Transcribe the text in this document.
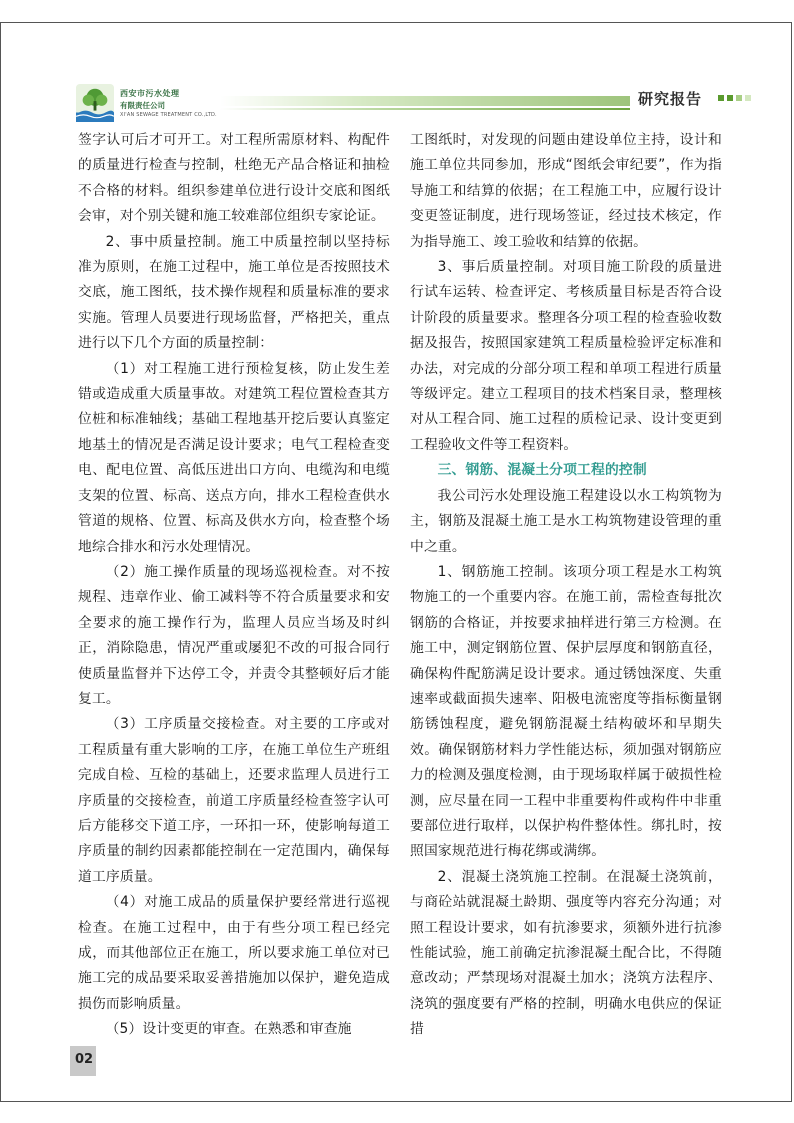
西安市污水处理
有限责任公司
XI'AN SEWAGE TREATMENT CO.,LTD.
研究报告

签字认可后才可开工。对工程所需原材料、构配件的质量进行检查与控制，杜绝无产品合格证和抽检不合格的材料。组织参建单位进行设计交底和图纸会审，对个别关键和施工较难部位组织专家论证。

2、事中质量控制。施工中质量控制以坚持标准为原则，在施工过程中，施工单位是否按照技术交底，施工图纸，技术操作规程和质量标准的要求实施。管理人员要进行现场监督，严格把关，重点进行以下几个方面的质量控制：

（1）对工程施工进行预检复核，防止发生差错或造成重大质量事故。对建筑工程位置检查其方位桩和标准轴线；基础工程地基开挖后要认真鉴定地基土的情况是否满足设计要求；电气工程检查变电、配电位置、高低压进出口方向、电缆沟和电缆支架的位置、标高、送点方向，排水工程检查供水管道的规格、位置、标高及供水方向，检查整个场地综合排水和污水处理情况。

（2）施工操作质量的现场巡视检查。对不按规程、违章作业、偷工减料等不符合质量要求和安全要求的施工操作行为，监理人员应当场及时纠正，消除隐患，情况严重或屡犯不改的可报合同行使质量监督并下达停工令，并责令其整顿好后才能复工。

（3）工序质量交接检查。对主要的工序或对工程质量有重大影响的工序，在施工单位生产班组完成自检、互检的基础上，还要求监理人员进行工序质量的交接检查，前道工序质量经检查签字认可后方能移交下道工序，一环扣一环，使影响每道工序质量的制约因素都能控制在一定范围内，确保每道工序质量。

（4）对施工成品的质量保护要经常进行巡视检查。在施工过程中，由于有些分项工程已经完成，而其他部位正在施工，所以要求施工单位对已施工完的成品要采取妥善措施加以保护，避免造成损伤而影响质量。

（5）设计变更的审查。在熟悉和审查施

工图纸时，对发现的问题由建设单位主持，设计和施工单位共同参加，形成“图纸会审纪要”，作为指导施工和结算的依据；在工程施工中，应履行设计变更签证制度，进行现场签证，经过技术核定，作为指导施工、竣工验收和结算的依据。

3、事后质量控制。对项目施工阶段的质量进行试车运转、检查评定、考核质量目标是否符合设计阶段的质量要求。整理各分项工程的检查验收数据及报告，按照国家建筑工程质量检验评定标准和办法，对完成的分部分项工程和单项工程进行质量等级评定。建立工程项目的技术档案目录，整理核对从工程合同、施工过程的质检记录、设计变更到工程验收文件等工程资料。

三、钢筋、混凝土分项工程的控制

我公司污水处理设施工程建设以水工构筑物为主，钢筋及混凝土施工是水工构筑物建设管理的重中之重。

1、钢筋施工控制。该项分项工程是水工构筑物施工的一个重要内容。在施工前，需检查每批次钢筋的合格证，并按要求抽样进行第三方检测。在施工中，测定钢筋位置、保护层厚度和钢筋直径，确保构件配筋满足设计要求。通过锈蚀深度、失重速率或截面损失速率、阳极电流密度等指标衡量钢筋锈蚀程度，避免钢筋混凝土结构破坏和早期失效。确保钢筋材料力学性能达标，须加强对钢筋应力的检测及强度检测，由于现场取样属于破损性检测，应尽量在同一工程中非重要构件或构件中非重要部位进行取样，以保护构件整体性。绑扎时，按照国家规范进行梅花绑或满绑。

2、混凝土浇筑施工控制。在混凝土浇筑前，与商砼站就混凝土龄期、强度等内容充分沟通；对照工程设计要求，如有抗渗要求，须额外进行抗渗性能试验，施工前确定抗渗混凝土配合比，不得随意改动；严禁现场对混凝土加水；浇筑方法程序、浇筑的强度要有严格的控制，明确水电供应的保证措

02
